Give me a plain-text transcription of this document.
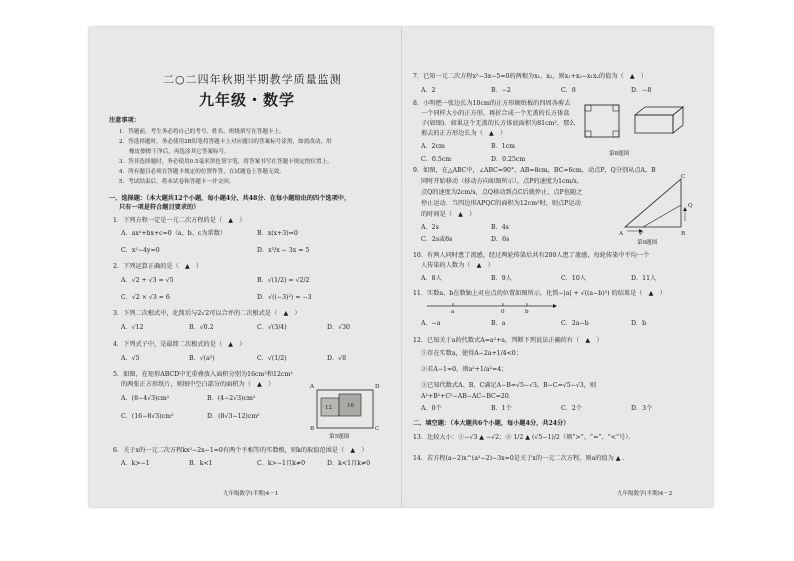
二○二四年秋期半期教学质量监测
九年级・数学
注意事项：
1．答题前，考生务必将自己的考号、姓名、班级填写在答题卡上。
2．答选择题时，务必使用2B铅笔将答题卡上对应题目的答案标号涂黑，如需改动，用
橡皮擦擦干净后，再选涂其它答案标号。
3．答非选择题时，务必使用0.5毫米黑色签字笔，将答案书写在答题卡规定的位置上。
4．所有题目必须在答题卡规定的位置作答，在试题卷上答题无效。
5．考试结束后，将本试卷和答题卡一并交回。
一、选择题：（本大题共12个小题，每小题4分，共48分．在每小题给出的四个选项中，
只有一项是符合题目要求的）
1．下列方程一定是一元二次方程的是（　▲　）
A．ax²+bx+c=0（a、b、c为常数）	B．x(x+3)=0
C．x²−4y=0	D．x²/x − 3x = 5
2．下列运算正确的是（　▲　）
A．√2 + √3 = √5	B．√(1/2) = √2/2
C．√2 × √3 = 6	D．√((−3)²) = −3
3．下列二次根式中，化简后与2√2可以合并的二次根式是（　▲　）
A．√12	B．√0.2	C．√(3/4)	D．√30
4．下列式子中，是最简二次根式的是（　▲　）
A．√5	B．√(a²)	C．√(1/2)	D．√8
5．如图，在矩形ABCD中无重叠放入面积分别为16cm²和12cm²
的两张正方形纸片，则图中空白部分的面积为（　▲　）
A．(8−4√3)cm²	B．(4−2√3)cm²
C．(16−8√3)cm²	D．(8√3−12)cm²
A	D
B	C
12	16
第5题图
6．关于x的一元二次方程kx²−2x−1=0有两个不相等的实数根，则k的取值范围是（　▲　）
A．k>−1	B．k<1	C．k>−1且k≠0	D．k<1且k≠0
九年级数学(半期)4－1
7．已知一元二次方程x²−3x−5=0的两根为x₁、x₂，则x₁+x₂−x₁x₂的值为（　▲　）
A．2	B．−2	C．8	D．−8
8．小明把一张边长为10cm的正方形硬纸板的四周各剪去
一个同样大小的正方形，再折合成一个无盖的长方体盒
子(如图)．如果这个无盖的长方体底面积为81cm²，那么
剪去的正方形边长为（　▲　）
A．2cm	B．1cm
C．0.5cm	D．0.25cm
第8题图
9．如图，在△ABC中，∠ABC=90°，AB=8cm，BC=6cm，动点P，Q分别从点A，B
同时开始移动（移动方向如图所示），点P的速度为1cm/s，
点Q的速度为2cm/s，点Q移动到点C后就停止，点P也随之
停止运动．当四边形APQC的面积为12cm²时，则点P运动
的时间是（　▲　）
A．2s	B．4s
C．2s或6s	D．6s
C
Q
A	P	B
第9题图
10．有两人同时患了流感，经过两轮传染后共有200人患了流感，每轮传染中平均一个
人传染的人数为（　▲　）
A．8人	B．9人	C．10人	D．11人
11．实数a、b在数轴上对应点的位置如图所示，化简−|a| + √((a−b)²) 的结果是（　▲　）
a	0	b
A．−a	B．a	C．2a−b	D．b
12．已知关于a的代数式A=a²+a，判断下列说法正确的有（　▲　）
①存在实数a，使得A−2a+1/4<0；
②若A−1=0，则a²+1/a²=4；
③已知代数式A、B、C满足A−B=√5−√3，B−C=√5−√3，则
A²+B²+C²−AB−AC−BC=20．
A．0个	B．1个	C．2个	D．3个
二、填空题：（本大题共6个小题，每小题4分，共24分）
13．比较大小：①−√3 ▲ −√2；② 1/2 ▲ (√5−1)/2（填“>”、“=”、“<”号）．
14．若方程(a−2)x^(a²−2)−3x=0是关于x的一元二次方程，则a的值为 ▲ ．
九年级数学(半期)4－2
